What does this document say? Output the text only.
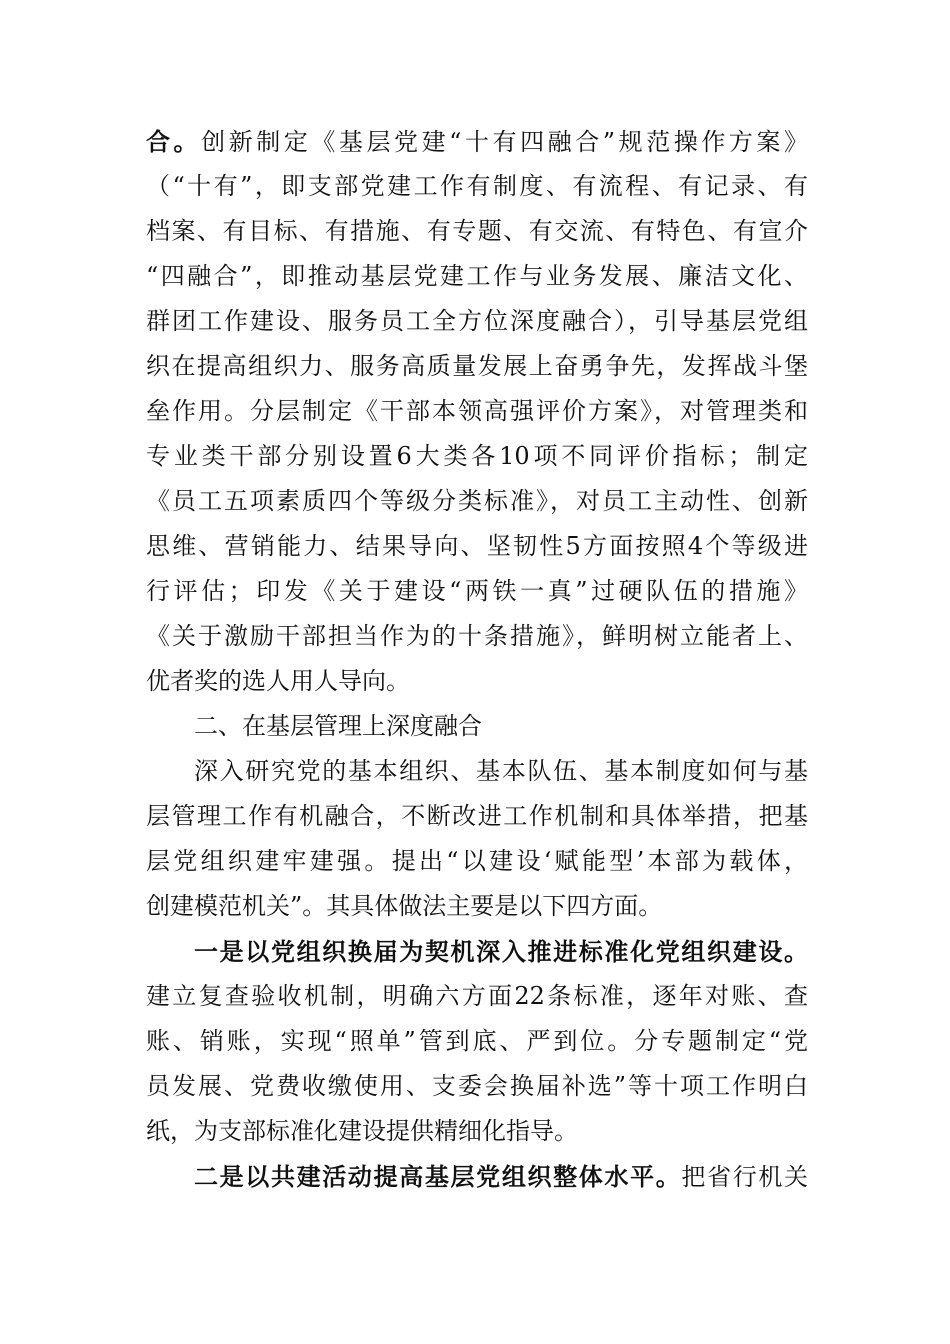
合。创新制定《基层党建“十有四融合”规范操作方案》
（“十有”，即支部党建工作有制度、有流程、有记录、有
档案、有目标、有措施、有专题、有交流、有特色、有宣介
“四融合”，即推动基层党建工作与业务发展、廉洁文化、
群团工作建设、服务员工全方位深度融合），引导基层党组
织在提高组织力、服务高质量发展上奋勇争先，发挥战斗堡
垒作用。分层制定《干部本领高强评价方案》，对管理类和
专业类干部分别设置6大类各10项不同评价指标；制定
《员工五项素质四个等级分类标准》，对员工主动性、创新
思维、营销能力、结果导向、坚韧性5方面按照4个等级进
行评估；印发《关于建设“两铁一真”过硬队伍的措施》
《关于激励干部担当作为的十条措施》，鲜明树立能者上、
优者奖的选人用人导向。
二、在基层管理上深度融合
深入研究党的基本组织、基本队伍、基本制度如何与基
层管理工作有机融合，不断改进工作机制和具体举措，把基
层党组织建牢建强。提出“以建设‘赋能型’本部为载体，
创建模范机关”。其具体做法主要是以下四方面。
一是以党组织换届为契机深入推进标准化党组织建设。
建立复查验收机制，明确六方面22条标准，逐年对账、查
账、销账，实现“照单”管到底、严到位。分专题制定“党
员发展、党费收缴使用、支委会换届补选”等十项工作明白
纸，为支部标准化建设提供精细化指导。
二是以共建活动提高基层党组织整体水平。把省行机关
